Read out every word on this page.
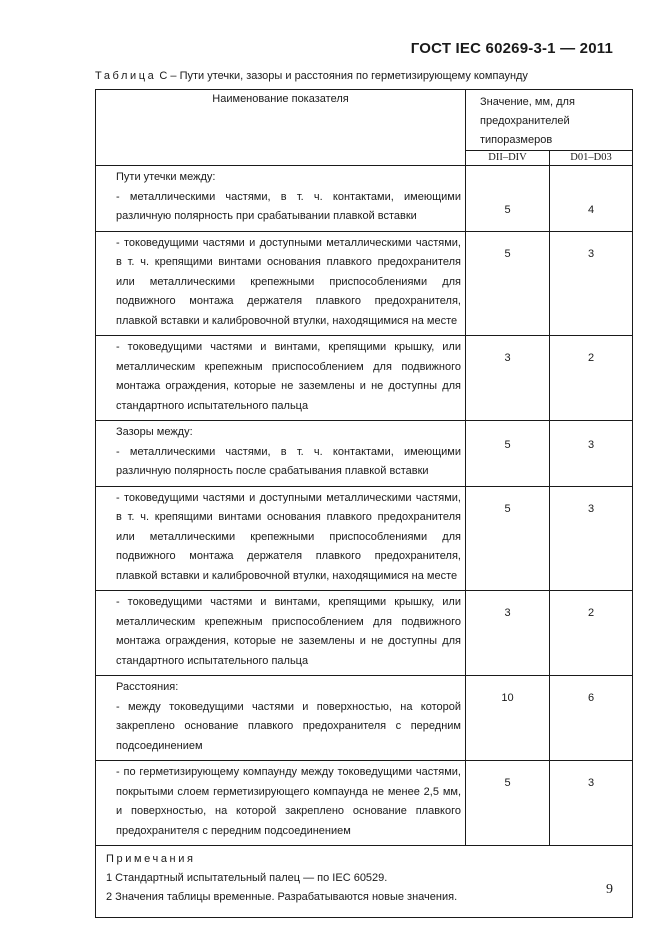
ГОСТ IEC 60269-3-1 — 2011
Таблица С – Пути утечки, зазоры и расстояния по герметизирующему компаунду
Наименование показателя	Значение, мм, для предохранителей типоразмеров	
	DII–DIV	D01–D03

Пути утечки между:
- металлическими частями, в т. ч. контактами, имеющими различную полярность при срабатывании плавкой вставки	5	4

- токоведущими частями и доступными металлическими частями, в т. ч. крепящими винтами основания плавкого предохранителя или металлическими крепежными приспособлениями для подвижного монтажа держателя плавкого предохранителя, плавкой вставки и калибровочной втулки, находящимися на месте	5	3

- токоведущими частями и винтами, крепящими крышку, или металлическим крепежным приспособлением для подвижного монтажа ограждения, которые не заземлены и не доступны для стандартного испытательного пальца	3	2

Зазоры между:
- металлическими частями, в т. ч. контактами, имеющими различную полярность после срабатывания плавкой вставки	5	3

- токоведущими частями и доступными металлическими частями, в т. ч. крепящими винтами основания плавкого предохранителя или металлическими крепежными приспособлениями для подвижного монтажа держателя плавкого предохранителя, плавкой вставки и калибровочной втулки, находящимися на месте	5	3

- токоведущими частями и винтами, крепящими крышку, или металлическим крепежным приспособлением для подвижного монтажа ограждения, которые не заземлены и не доступны для стандартного испытательного пальца	3	2

Расстояния:
- между токоведущими частями и поверхностью, на которой закреплено основание плавкого предохранителя с передним подсоединением	10	6

- по герметизирующему компаунду между токоведущими частями, покрытыми слоем герметизирующего компаунда не менее 2,5 мм, и поверхностью, на которой закреплено основание плавкого предохранителя с передним подсоединением	5	3

Примечания
1 Стандартный испытательный палец — по IEC 60529.
2 Значения таблицы временные. Разрабатываются новые значения.			9
